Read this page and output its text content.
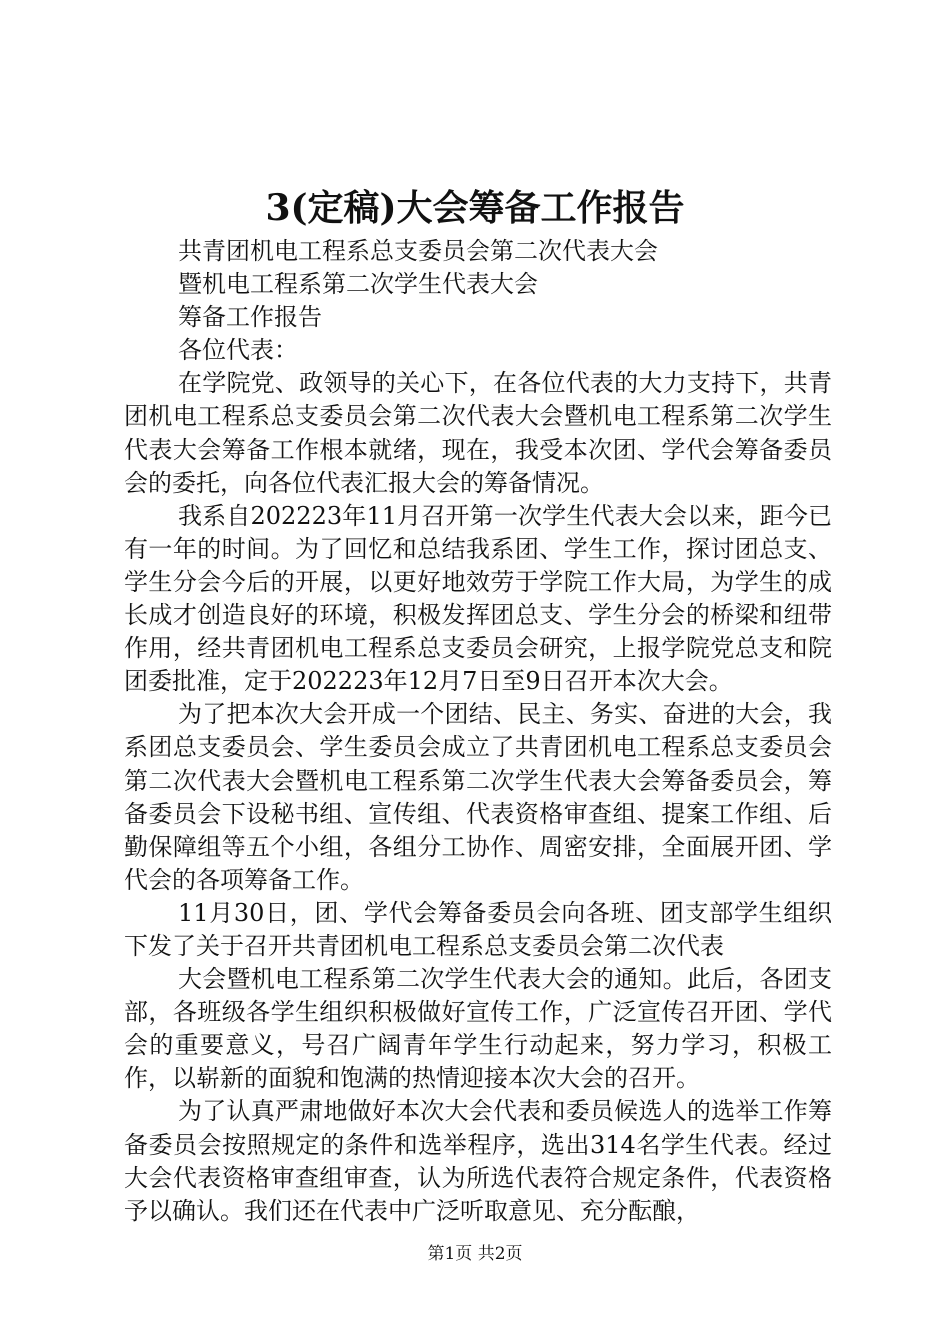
3(定稿)大会筹备工作报告
共青团机电工程系总支委员会第二次代表大会
暨机电工程系第二次学生代表大会
筹备工作报告
各位代表：

在学院党、政领导的关心下，在各位代表的大力支持下，共青团机电工程系总支委员会第二次代表大会暨机电工程系第二次学生代表大会筹备工作根本就绪，现在，我受本次团、学代会筹备委员会的委托，向各位代表汇报大会的筹备情况。

我系自202223年11月召开第一次学生代表大会以来，距今已有一年的时间。为了回忆和总结我系团、学生工作，探讨团总支、学生分会今后的开展，以更好地效劳于学院工作大局，为学生的成长成才创造良好的环境，积极发挥团总支、学生分会的桥梁和纽带作用，经共青团机电工程系总支委员会研究，上报学院党总支和院团委批准，定于202223年12月7日至9日召开本次大会。

为了把本次大会开成一个团结、民主、务实、奋进的大会，我系团总支委员会、学生委员会成立了共青团机电工程系总支委员会第二次代表大会暨机电工程系第二次学生代表大会筹备委员会，筹备委员会下设秘书组、宣传组、代表资格审查组、提案工作组、后勤保障组等五个小组，各组分工协作、周密安排，全面展开团、学代会的各项筹备工作。

11月30日，团、学代会筹备委员会向各班、团支部学生组织下发了关于召开共青团机电工程系总支委员会第二次代表

大会暨机电工程系第二次学生代表大会的通知。此后，各团支部，各班级各学生组织积极做好宣传工作，广泛宣传召开团、学代会的重要意义，号召广阔青年学生行动起来，努力学习，积极工作，以崭新的面貌和饱满的热情迎接本次大会的召开。

为了认真严肃地做好本次大会代表和委员候选人的选举工作筹备委员会按照规定的条件和选举程序，选出314名学生代表。经过大会代表资格审查组审查，认为所选代表符合规定条件，代表资格予以确认。我们还在代表中广泛听取意见、充分酝酿，

第1页 共2页
